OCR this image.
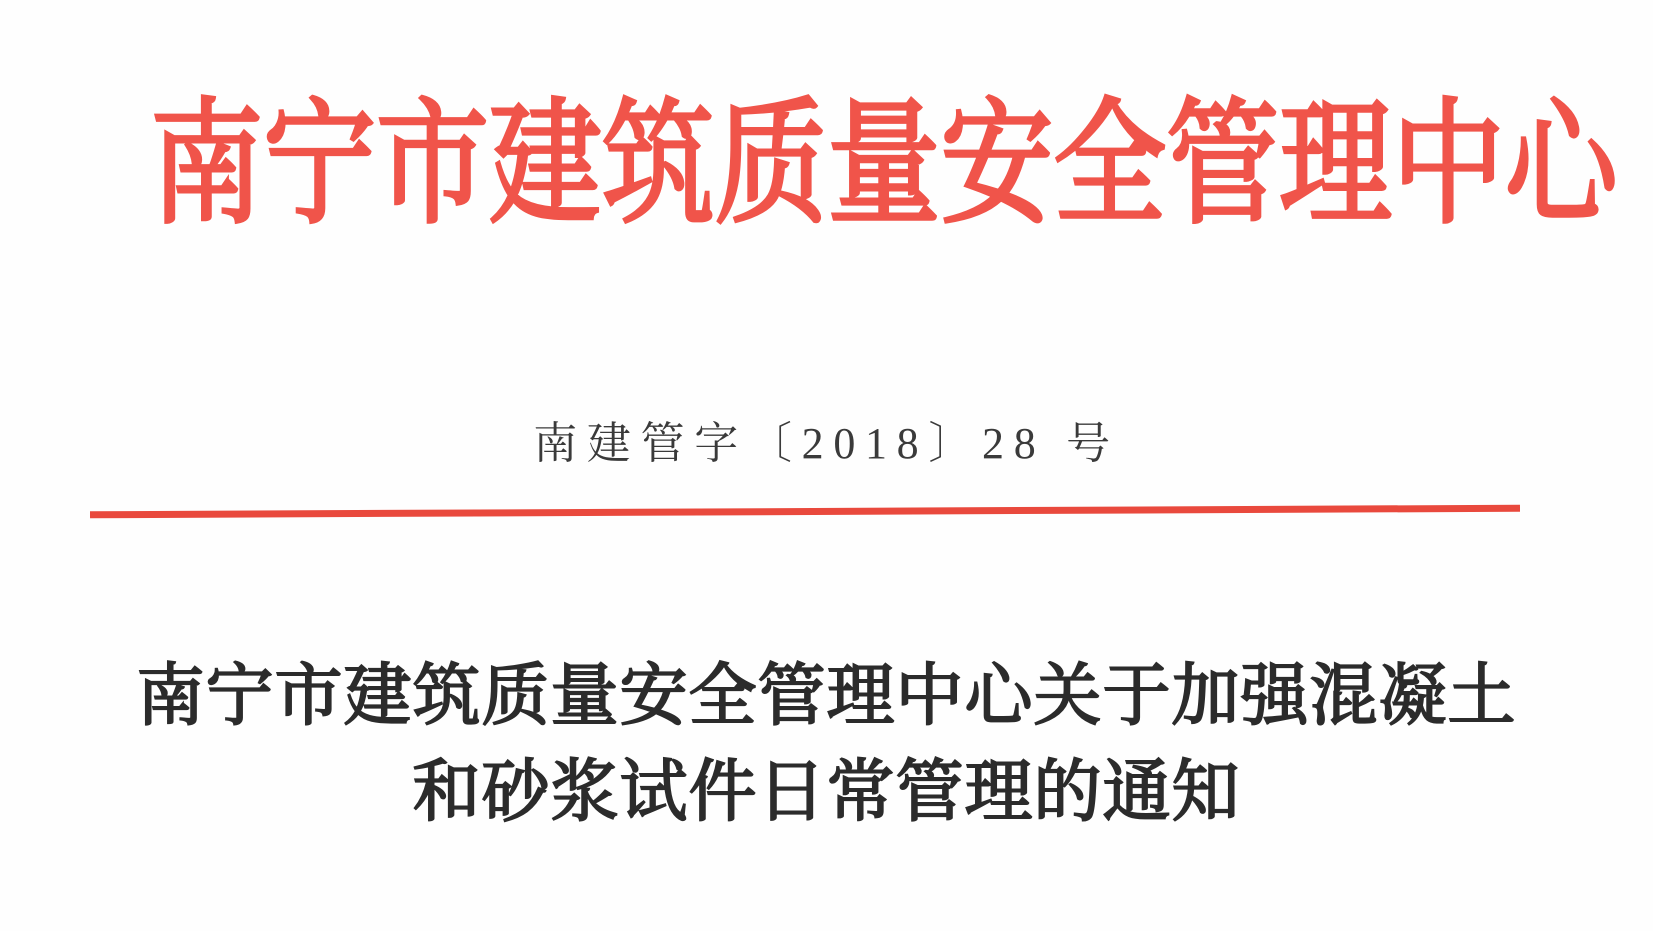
南宁市建筑质量安全管理中心
南建管字〔2018〕28 号
南宁市建筑质量安全管理中心关于加强混凝土
和砂浆试件日常管理的通知
